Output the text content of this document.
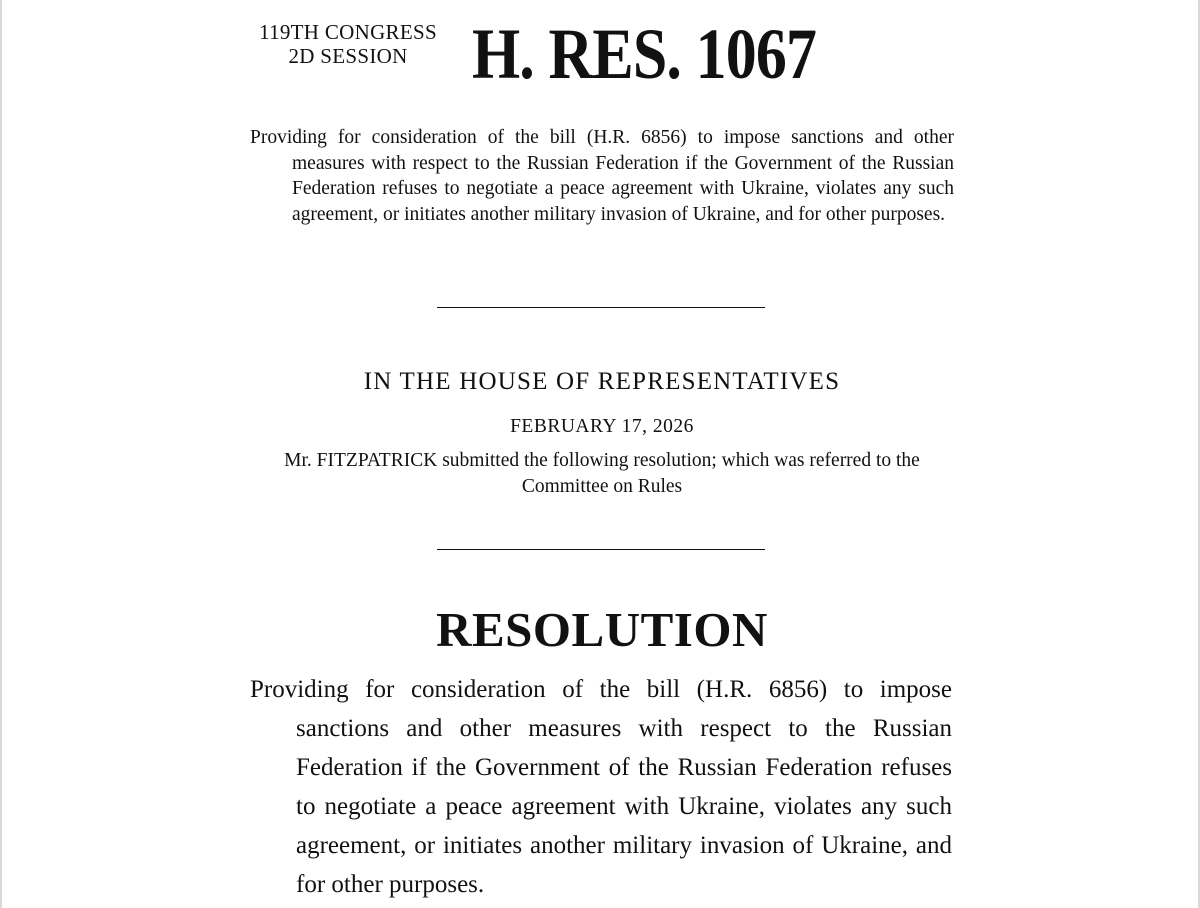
119TH CONGRESS
2D SESSION H. RES. 1067
Providing for consideration of the bill (H.R. 6856) to impose sanctions and other measures with respect to the Russian Federation if the Government of the Russian Federation refuses to negotiate a peace agreement with Ukraine, violates any such agreement, or initiates another military invasion of Ukraine, and for other purposes.
IN THE HOUSE OF REPRESENTATIVES
FEBRUARY 17, 2026
Mr. FITZPATRICK submitted the following resolution; which was referred to the Committee on Rules
RESOLUTION
Providing for consideration of the bill (H.R. 6856) to impose sanctions and other measures with respect to the Russian Federation if the Government of the Russian Federation refuses to negotiate a peace agreement with Ukraine, violates any such agreement, or initiates another military invasion of Ukraine, and for other purposes.
